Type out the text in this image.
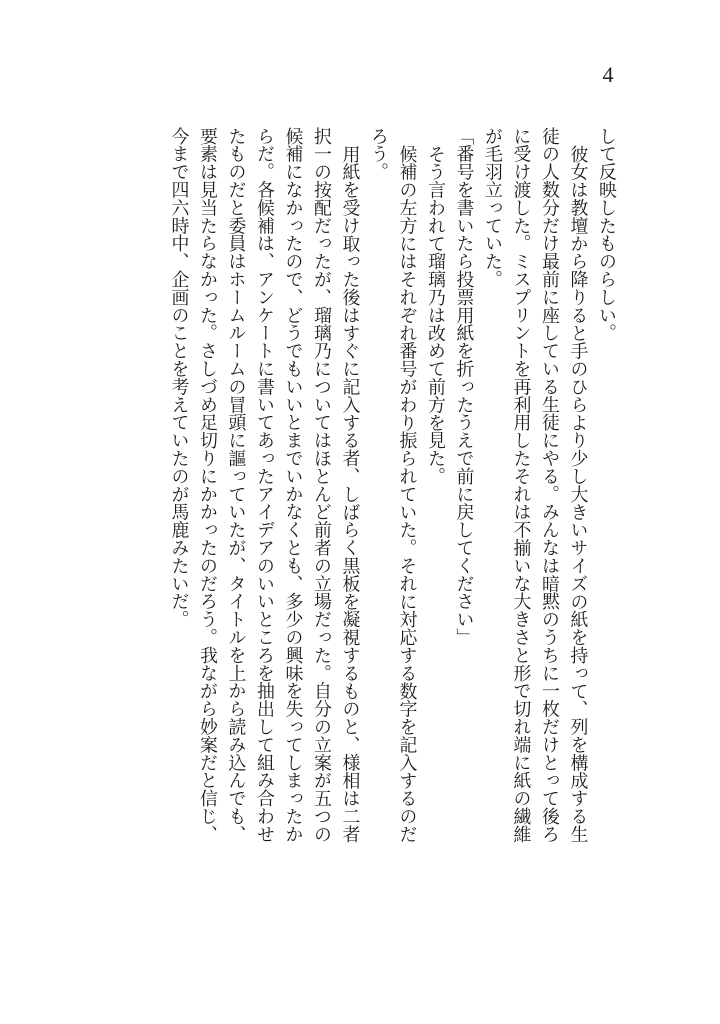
4

して反映したものらしい。

彼女は教壇から降りると手のひらより少し大きいサイズの紙を持って、列を構成する生徒の人数分だけ最前に座している生徒にやる。みんなは暗黙のうちに一枚だけとって後ろに受け渡した。ミスプリントを再利用したそれは不揃いな大きさと形で切れ端に紙の繊維が毛羽立っていた。

「番号を書いたら投票用紙を折ったうえで前に戻してください」

そう言われて瑠璃乃は改めて前方を見た。

候補の左方にはそれぞれ番号がわり振られていた。それに対応する数字を記入するのだろう。

用紙を受け取った後はすぐに記入する者、しばらく黒板を凝視するものと、様相は二者択一の按配だったが、瑠璃乃についてはほとんど前者の立場だった。自分の立案が五つの候補になかったので、どうでもいいとまでいかなくとも、多少の興味を失ってしまったからだ。各候補は、アンケートに書いてあったアイデアのいいところを抽出して組み合わせたものだと委員はホームルームの冒頭に謳っていたが、タイトルを上から読み込んでも、要素は見当たらなかった。さしづめ足切りにかかったのだろう。我ながら妙案だと信じ、今まで四六時中、企画のことを考えていたのが馬鹿みたいだ。
